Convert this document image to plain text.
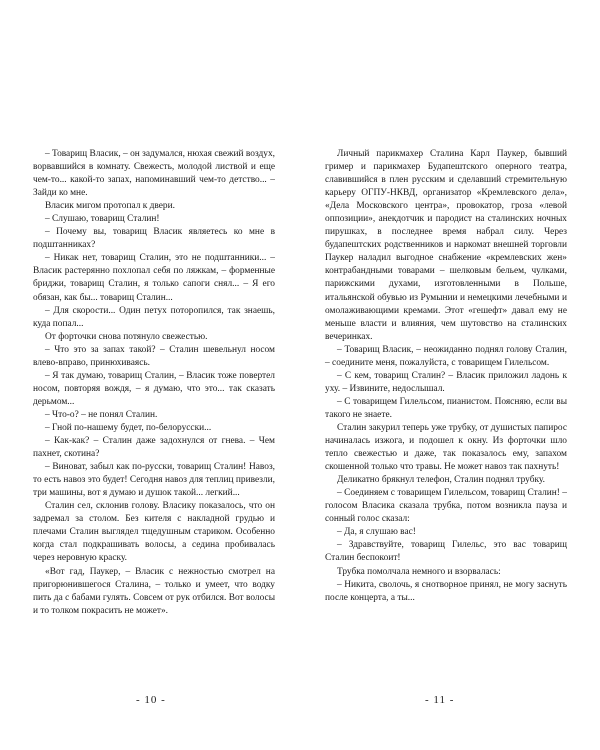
– Товарищ Власик, – он задумался, нюхая свежий воздух, ворвавшийся в комнату. Свежесть, молодой листвой и еще чем-то... какой-то запах, напоминавший чем-то детство... – Зайди ко мне.

Власик мигом протопал к двери.

– Слушаю, товарищ Сталин!

– Почему вы, товарищ Власик являетесь ко мне в подштанниках?

– Никак нет, товарищ Сталин, это не подштанники... – Власик растерянно похлопал себя по ляжкам, – форменные бриджи, товарищ Сталин, я только сапоги снял... – Я его обязан, как бы... товарищ Сталин...

– Для скорости... Один петух поторопился, так знаешь, куда попал...

От форточки снова потянуло свежестью.

– Что это за запах такой? – Сталин шевельнул носом влево-вправо, принюхиваясь.

– Я так думаю, товарищ Сталин, – Власик тоже повертел носом, повторяя вождя, – я думаю, что это... так сказать дерьмом...

– Что-о? – не понял Сталин.

– Гной по-нашему будет, по-белорусски...

– Как-как? – Сталин даже задохнулся от гнева. – Чем пахнет, скотина?

– Виноват, забыл как по-русски, товарищ Сталин! Навоз, то есть навоз это будет! Сегодня навоз для теплиц привезли, три машины, вот я думаю и душок такой... легкий...

Сталин сел, склонив голову. Власику показалось, что он задремал за столом. Без кителя с накладной грудью и плечами Сталин выглядел тщедушным стариком. Особенно когда стал подкрашивать волосы, а седина пробивалась через неровную краску.

«Вот гад, Паукер, – Власик с нежностью смотрел на пригорюнившегося Сталина, – только и умеет, что водку пить да с бабами гулять. Совсем от рук отбился. Вот волосы и то толком покрасить не может».

Личный парикмахер Сталина Карл Паукер, бывший гример и парикмахер Будапештского оперного театра, славившийся в плен русским и сделавший стремительную карьеру ОГПУ-НКВД, организатор «Кремлевского дела», «Дела Московского центра», провокатор, гроза «левой оппозиции», анекдотчик и пародист на сталинских ночных пирушках, в последнее время набрал силу. Через будапештских родственников и наркомат внешней торговли Паукер наладил выгодное снабжение «кремлевских жен» контрабандными товарами – шелковым бельем, чулками, парижскими духами, изготовленными в Польше, итальянской обувью из Румынии и немецкими лечебными и омолаживающими кремами. Этот «гешефт» давал ему не меньше власти и влияния, чем шутовство на сталинских вечеринках.

– Товарищ Власик, – неожиданно поднял голову Сталин, – соедините меня, пожалуйста, с товарищем Гилельсом.

– С кем, товарищ Сталин? – Власик приложил ладонь к уху. – Извините, недослышал.

– С товарищем Гилельсом, пианистом. Поясняю, если вы такого не знаете.

Сталин закурил теперь уже трубку, от душистых папирос начиналась изжога, и подошел к окну. Из форточки шло тепло свежестью и даже, так показалось ему, запахом скошенной только что травы. Не может навоз так пахнуть!

Деликатно брякнул телефон, Сталин поднял трубку.

– Соединяем с товарищем Гилельсом, товарищ Сталин! – голосом Власика сказала трубка, потом возникла пауза и сонный голос сказал:

– Да, я слушаю вас!

– Здравствуйте, товарищ Гилельс, это вас товарищ Сталин беспокоит!

Трубка помолчала немного и взорвалась:

– Никита, сволочь, я снотворное принял, не могу заснуть после концерта, а ты...

- 10 -	- 11 -
